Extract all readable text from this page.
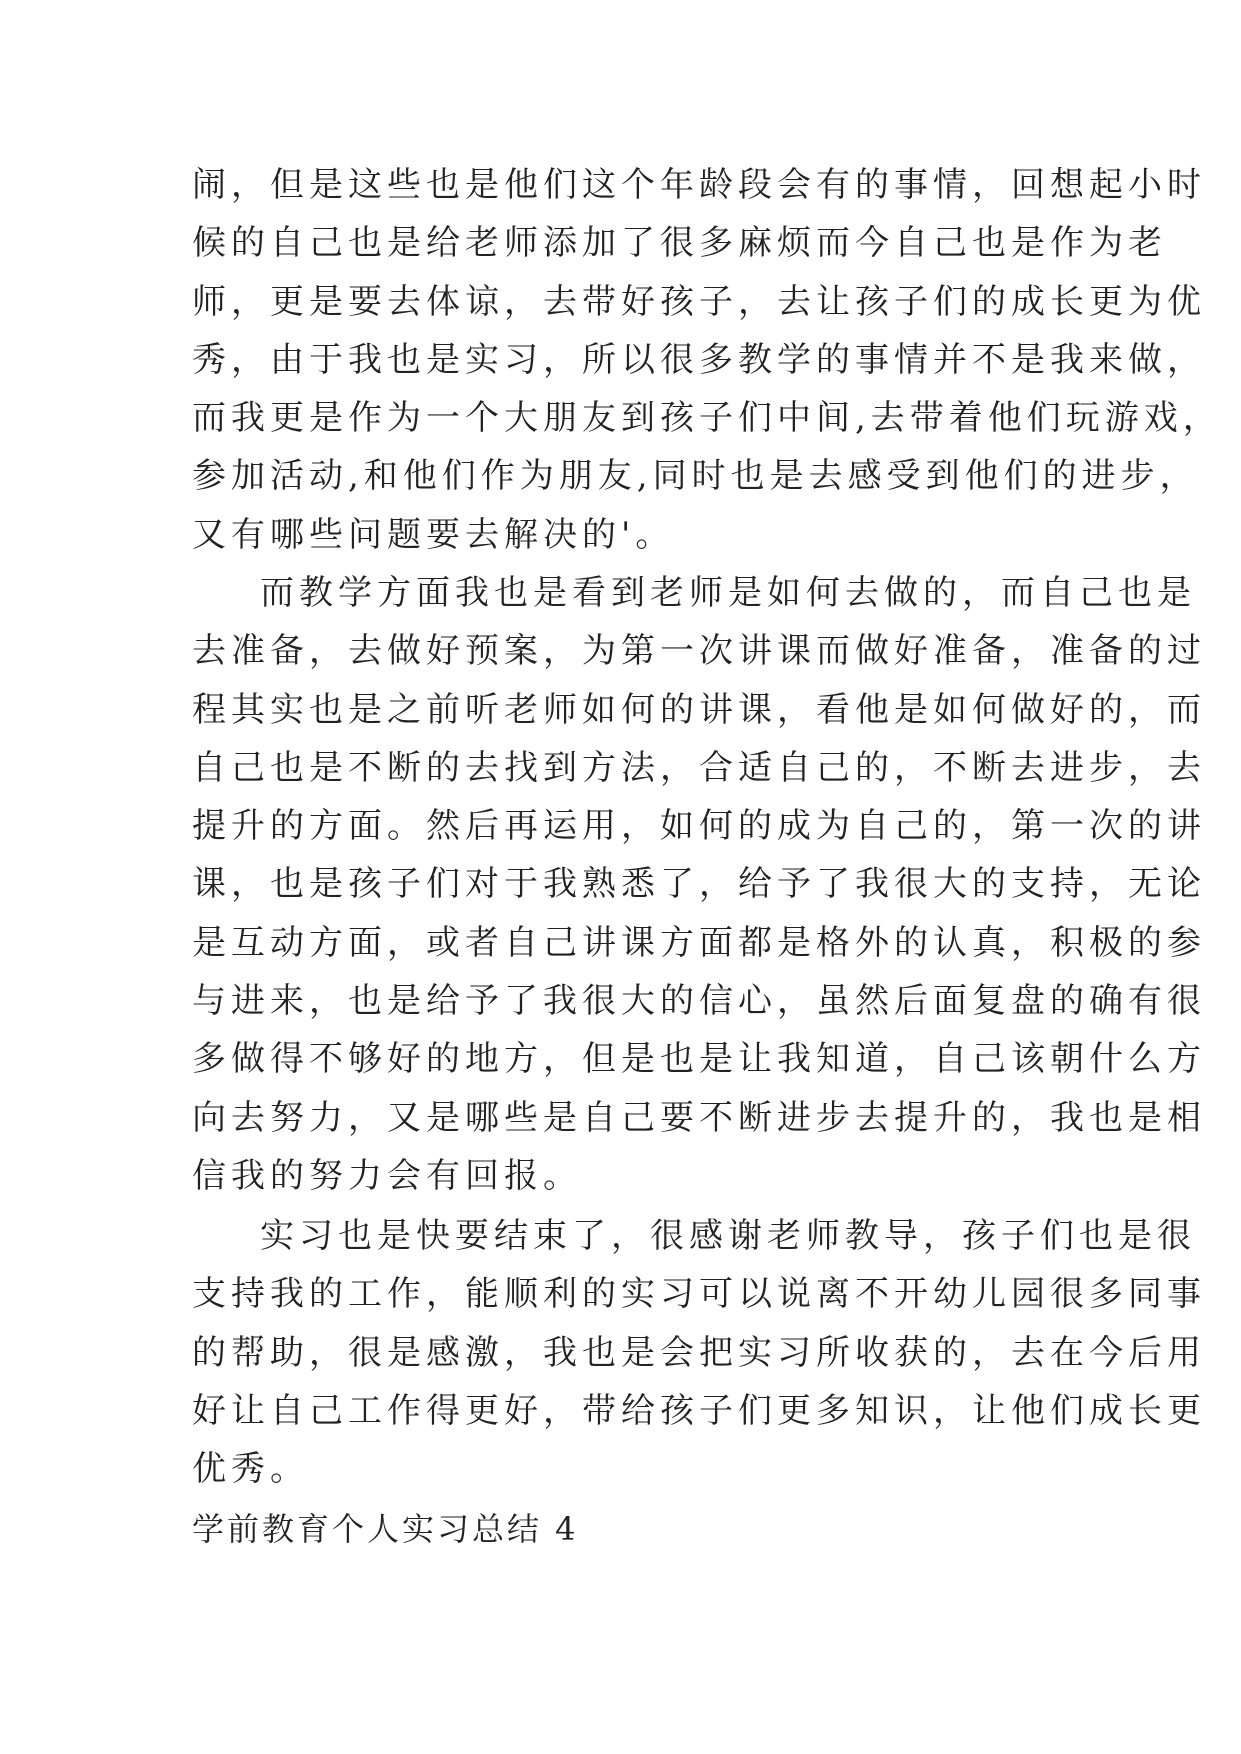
闹，但是这些也是他们这个年龄段会有的事情，回想起小时
候的自己也是给老师添加了很多麻烦而今自己也是作为老
师，更是要去体谅，去带好孩子，去让孩子们的成长更为优
秀，由于我也是实习，所以很多教学的事情并不是我来做，
而我更是作为一个大朋友到孩子们中间,去带着他们玩游戏，
参加活动,和他们作为朋友,同时也是去感受到他们的进步，
又有哪些问题要去解决的'。
而教学方面我也是看到老师是如何去做的，而自己也是
去准备，去做好预案，为第一次讲课而做好准备，准备的过
程其实也是之前听老师如何的讲课，看他是如何做好的，而
自己也是不断的去找到方法，合适自己的，不断去进步，去
提升的方面。然后再运用，如何的成为自己的，第一次的讲
课，也是孩子们对于我熟悉了，给予了我很大的支持，无论
是互动方面，或者自己讲课方面都是格外的认真，积极的参
与进来，也是给予了我很大的信心，虽然后面复盘的确有很
多做得不够好的地方，但是也是让我知道，自己该朝什么方
向去努力，又是哪些是自己要不断进步去提升的，我也是相
信我的努力会有回报。
实习也是快要结束了，很感谢老师教导，孩子们也是很
支持我的工作，能顺利的实习可以说离不开幼儿园很多同事
的帮助，很是感激，我也是会把实习所收获的，去在今后用
好让自己工作得更好，带给孩子们更多知识，让他们成长更
优秀。
学前教育个人实习总结 4
